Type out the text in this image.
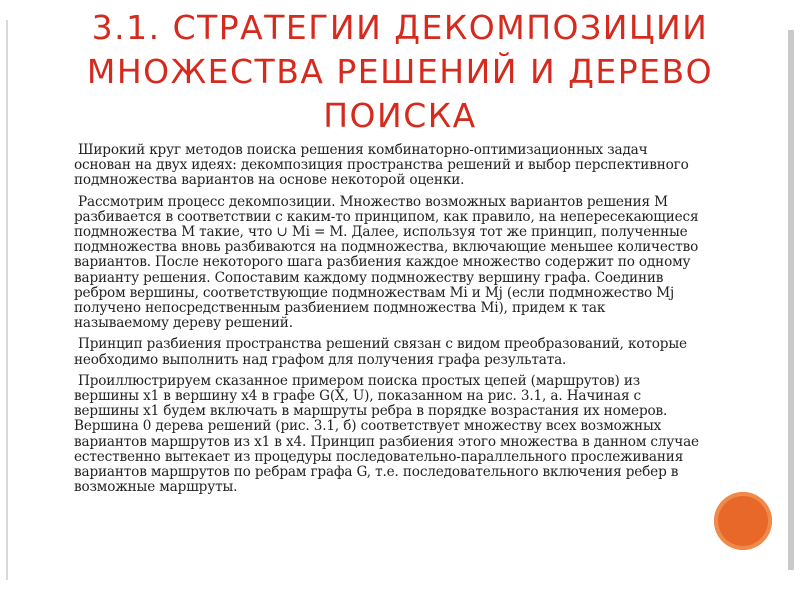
3.1. СТРАТЕГИИ ДЕКОМПОЗИЦИИ МНОЖЕСТВА РЕШЕНИЙ И ДЕРЕВО ПОИСКА

Широкий круг методов поиска решения комбинаторно-оптимизационных задач основан на двух идеях: декомпозиция пространства решений и выбор перспективного подмножества вариантов на основе некоторой оценки.

Рассмотрим процесс декомпозиции. Множество возможных вариантов решения M разбивается в соответствии с каким-то принципом, как правило, на непересекающиеся подмножества M такие, что ∪ Mi = M. Далее, используя тот же принцип, полученные подмножества вновь разбиваются на подмножества, включающие меньшее количество вариантов. После некоторого шага разбиения каждое множество содержит по одному варианту решения. Сопоставим каждому подмножеству вершину графа. Соединив ребром вершины, соответствующие подмножествам Mi и Mj (если подмножество Mj получено непосредственным разбиением подмножества Mi), придем к так называемому дереву решений.

Принцип разбиения пространства решений связан с видом преобразований, которые необходимо выполнить над графом для получения графа результата.

Проиллюстрируем сказанное примером поиска простых цепей (маршрутов) из вершины x1 в вершину x4 в графе G(X, U), показанном на рис. 3.1, а. Начиная с вершины x1 будем включать в маршруты ребра в порядке возрастания их номеров. Вершина 0 дерева решений (рис. 3.1, б) соответствует множеству всех возможных вариантов маршрутов из x1 в x4. Принцип разбиения этого множества в данном случае естественно вытекает из процедуры последовательно-параллельного прослеживания вариантов маршрутов по ребрам графа G, т.е. последовательного включения ребер в возможные маршруты.
